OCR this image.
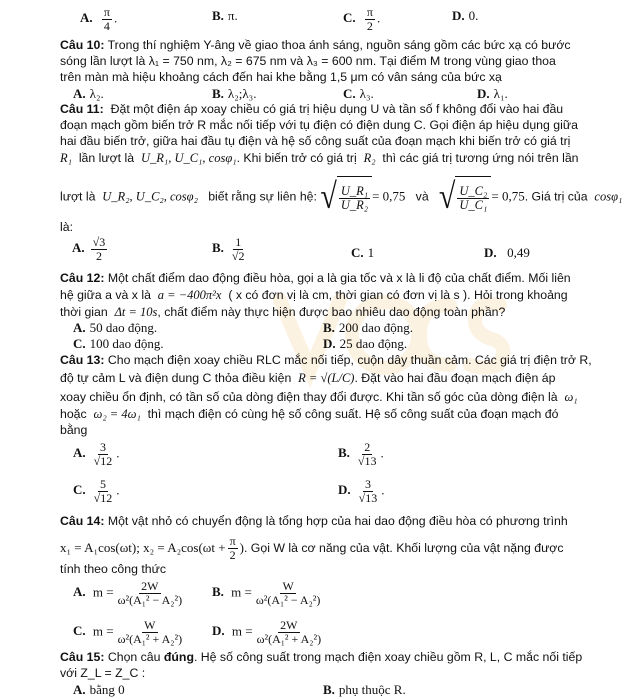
A. $\frac{\pi}{4}$ .	B. π.	C. $\frac{\pi}{2}$ .	D. 0.
Câu 10: Trong thí nghiệm Y-âng về giao thoa ánh sáng, nguồn sáng gồm các bức xạ có bước
sóng lần lượt là λ₁ = 750 nm, λ₂ = 675 nm và λ₃ = 600 nm. Tại điểm M trong vùng giao thoa
trên màn mà hiệu khoảng cách đến hai khe bằng 1,5 μm có vân sáng của bức xạ
A. λ₂.	B. λ₂;λ₃.	C. λ₃.	D. λ₁.
Câu 11: Đặt một điện áp xoay chiều có giá trị hiệu dụng U và tần số f không đổi vào hai đầu
đoạn mạch gồm biến trở R mắc nối tiếp với tụ điện có điện dung C. Gọi điện áp hiệu dụng giữa
hai đầu biến trở, giữa hai đầu tụ điện và hệ số công suất của đoạn mạch khi biến trở có giá trị
R₁ lần lượt là U_R₁, U_C₁, cosφ₁. Khi biến trở có giá trị R₂ thì các giá trị tương ứng nói trên lần
lượt là U_R₂, U_C₂, cosφ₂ biết rằng sự liên hệ: √ $\frac{\text{U\_R₁}}{\text{U\_R₂}} = 0,75$ và √ $\frac{\text{U\_C₂}}{\text{U\_C₁}} = 0,75$. Giá trị của cosφ₁
là:
A. $\frac{√3}{2}$	B. $\frac{1}{√2}$	C. 1	D. 0,49
Câu 12: Một chất điểm dao động điều hòa, gọi a là gia tốc và x là li độ của chất điểm. Mối liên
hệ giữa a và x là a = −400π²x ( x có đơn vị là cm, thời gian có đơn vị là s ). Hỏi trong khoảng
thời gian Δt = 10s, chất điểm này thực hiện được bao nhiêu dao động toàn phần?
A. 50 dao động.	B. 200 dao động.
C. 100 dao động.	D. 25 dao động.
Câu 13: Cho mạch điện xoay chiều RLC mắc nối tiếp, cuộn dây thuần cảm. Các giá trị điện trở R,
độ tự cảm L và điện dung C thỏa điều kiện R = √(L/C). Đặt vào hai đầu đoạn mạch điện áp
xoay chiều ổn định, có tần số của dòng điện thay đổi được. Khi tần số góc của dòng điện là ω₁
hoặc ω₂ = 4ω₁ thì mạch điện có cùng hệ số công suất. Hệ số công suất của đoạn mạch đó
bằng
A. $\frac{3}{√12}$ .	B. $\frac{2}{√13}$ .
C. $\frac{5}{√12}$ .	D. $\frac{3}{√13}$ .
Câu 14: Một vật nhỏ có chuyển động là tổng hợp của hai dao động điều hòa có phương trình
x₁ = A₁cos(ωt); $x_2 = A_2\cos(\omega t + \frac{\pi}{2}$ ). Gọi W là cơ năng của vật. Khối lượng của vật nặng được
tính theo công thức
A. $m = \frac{2W}{\text{ω²(A₁² − A₂²)}} B$. $m = \frac{W}{\text{ω²(A₁² − A₂²)}}$
C. $m = \frac{W}{\text{ω²(A₁² + A₂²)}} D$. $m = \frac{2W}{\text{ω²(A₁² + A₂²)}}$
Câu 15: Chọn câu đúng. Hệ số công suất trong mạch điện xoay chiều gồm R, L, C mắc nối tiếp
với Z_L = Z_C :
A. bằng 0	B. phụ thuộc R.
